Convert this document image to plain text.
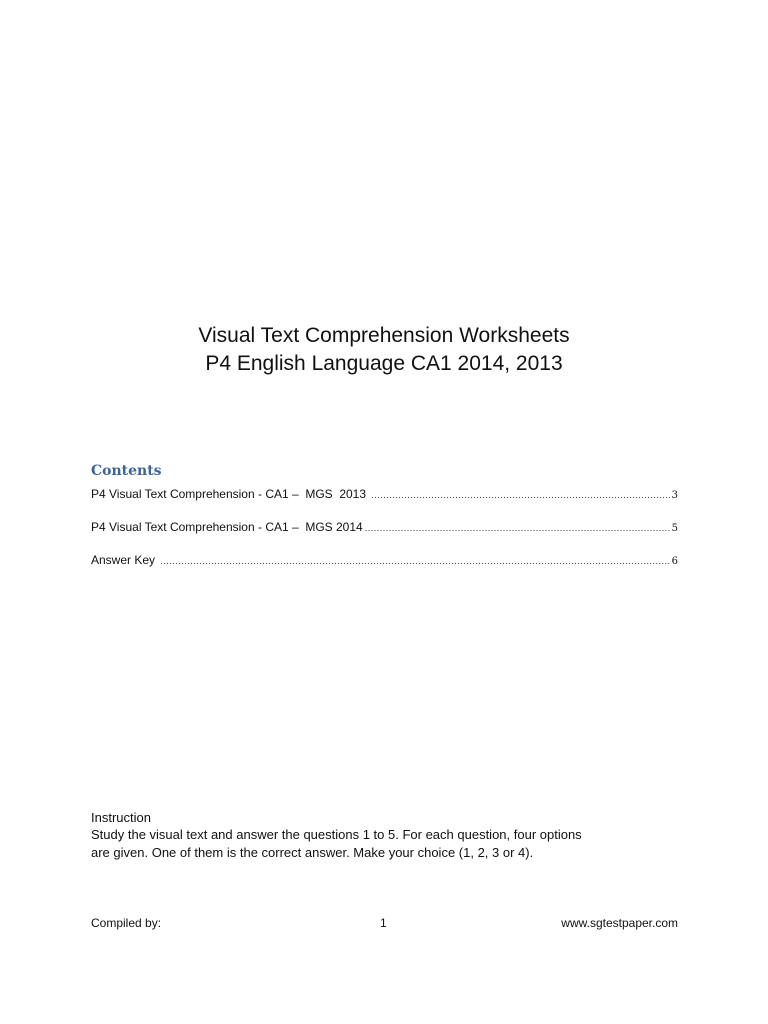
Visual Text Comprehension Worksheets
P4 English Language CA1 2014, 2013
Contents
P4 Visual Text Comprehension - CA1 –  MGS  2013 .....	3
P4 Visual Text Comprehension - CA1 –  MGS 2014 .....	5
Answer Key .....	6
Instruction
Study the visual text and answer the questions 1 to 5. For each question, four options
are given. One of them is the correct answer. Make your choice (1, 2, 3 or 4).
Compiled by:	1	www.sgtestpaper.com
